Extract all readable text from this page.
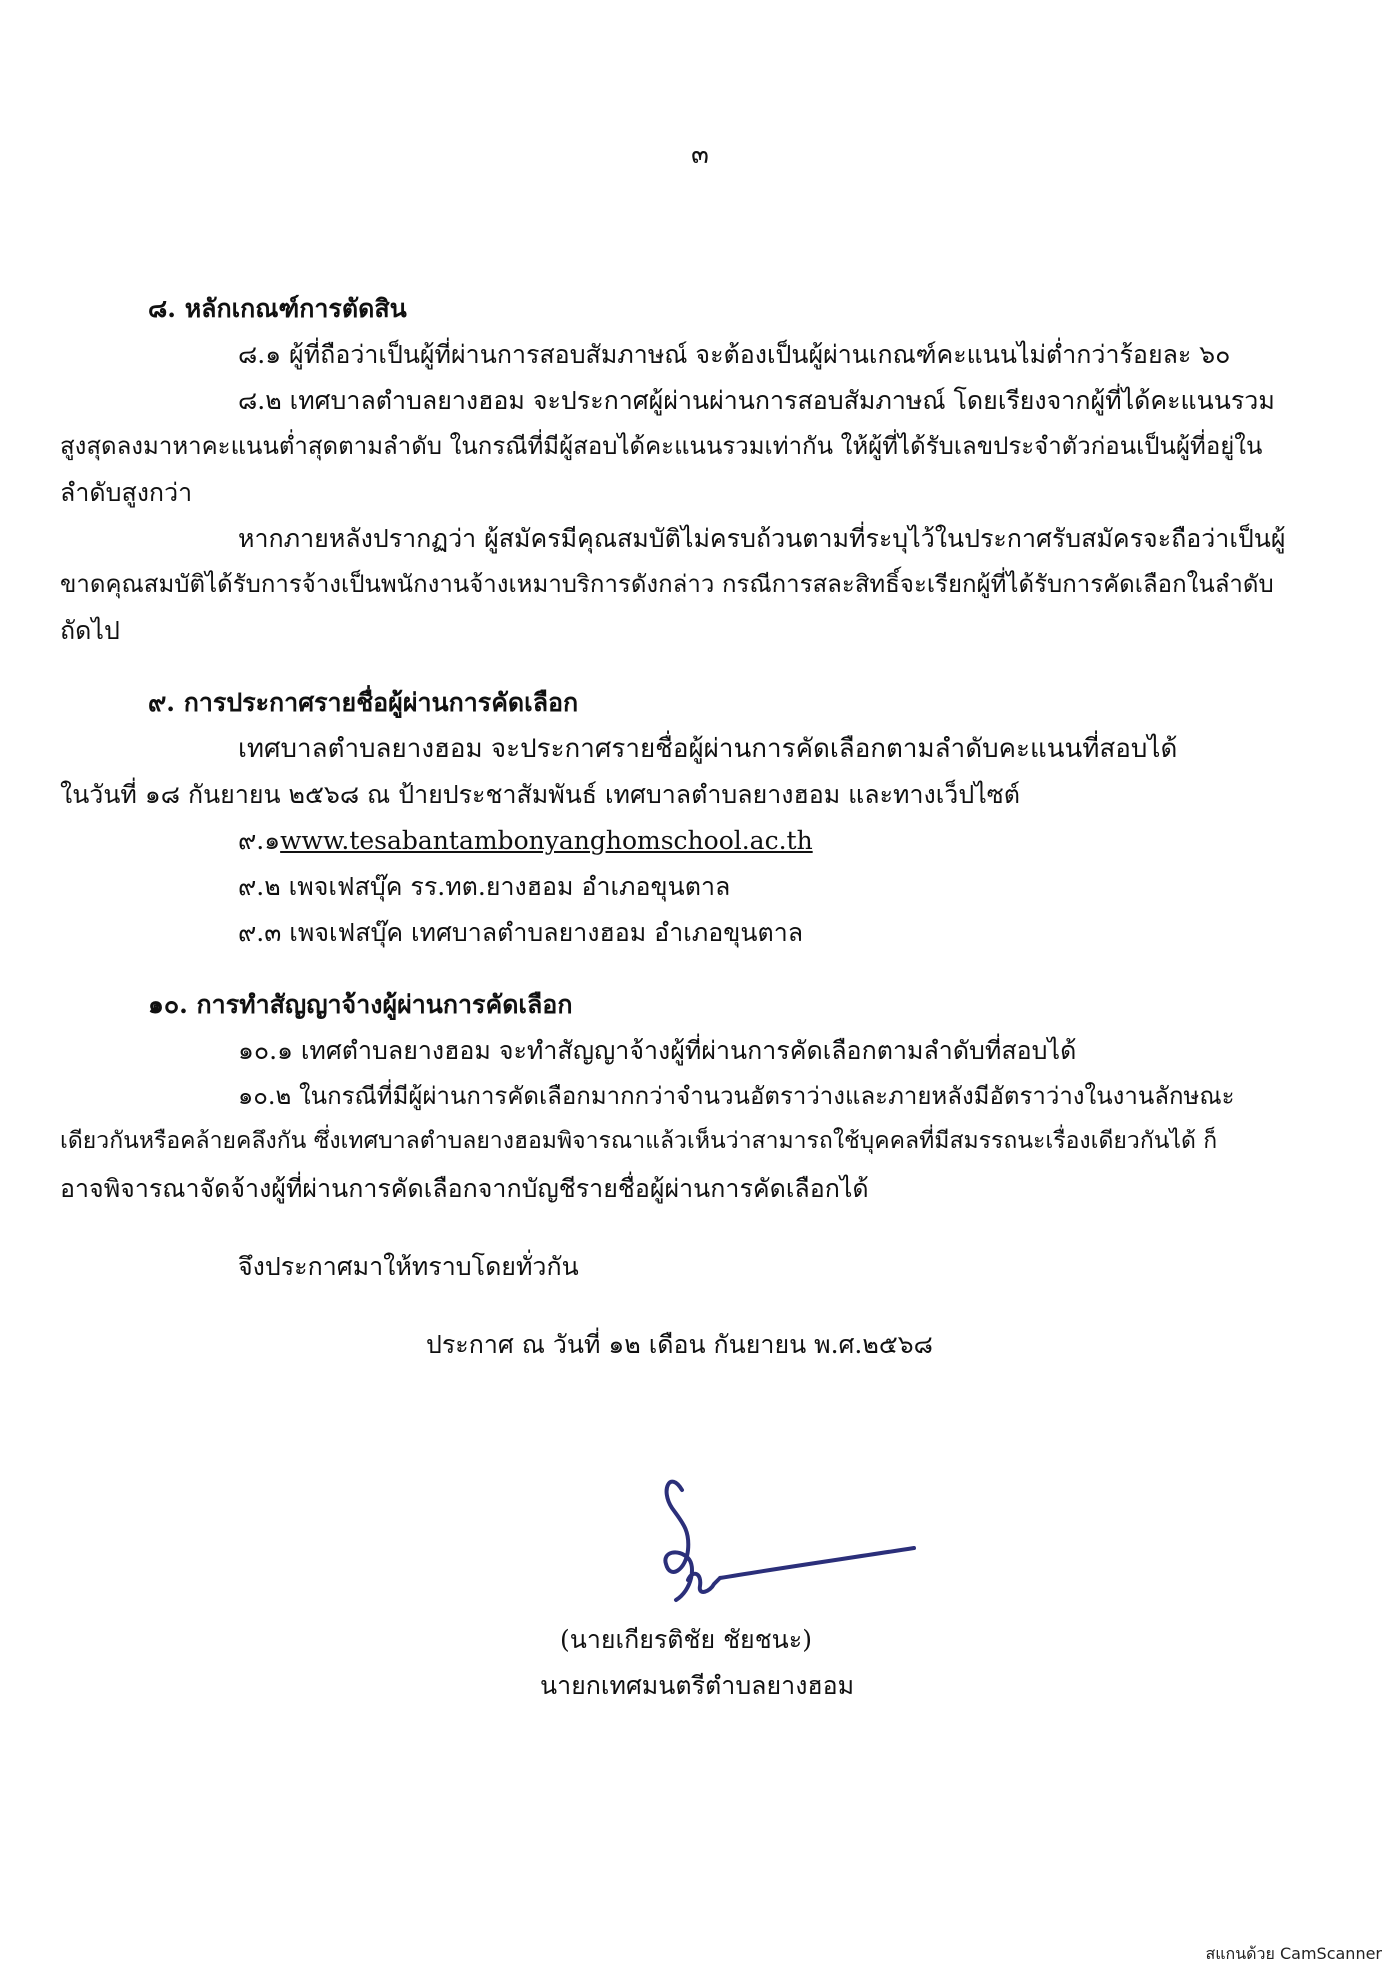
๓
๘. หลักเกณฑ์การตัดสิน
๘.๑ ผู้ที่ถือว่าเป็นผู้ที่ผ่านการสอบสัมภาษณ์ จะต้องเป็นผู้ผ่านเกณฑ์คะแนนไม่ต่ำกว่าร้อยละ ๖๐
๘.๒ เทศบาลตำบลยางฮอม จะประกาศผู้ผ่านผ่านการสอบสัมภาษณ์ โดยเรียงจากผู้ที่ได้คะแนนรวม
สูงสุดลงมาหาคะแนนต่ำสุดตามลำดับ ในกรณีที่มีผู้สอบได้คะแนนรวมเท่ากัน ให้ผู้ที่ได้รับเลขประจำตัวก่อนเป็นผู้ที่อยู่ใน
ลำดับสูงกว่า
หากภายหลังปรากฏว่า ผู้สมัครมีคุณสมบัติไม่ครบถ้วนตามที่ระบุไว้ในประกาศรับสมัครจะถือว่าเป็นผู้
ขาดคุณสมบัติได้รับการจ้างเป็นพนักงานจ้างเหมาบริการดังกล่าว กรณีการสละสิทธิ์จะเรียกผู้ที่ได้รับการคัดเลือกในลำดับ
ถัดไป
๙. การประกาศรายชื่อผู้ผ่านการคัดเลือก
เทศบาลตำบลยางฮอม จะประกาศรายชื่อผู้ผ่านการคัดเลือกตามลำดับคะแนนที่สอบได้
ในวันที่ ๑๘ กันยายน ๒๕๖๘ ณ ป้ายประชาสัมพันธ์ เทศบาลตำบลยางฮอม และทางเว็ปไซต์
๙.๑www.tesabantambonyanghomschool.ac.th
๙.๒ เพจเฟสบุ๊ค รร.ทต.ยางฮอม อำเภอขุนตาล
๙.๓ เพจเฟสบุ๊ค เทศบาลตำบลยางฮอม อำเภอขุนตาล
๑๐. การทำสัญญาจ้างผู้ผ่านการคัดเลือก
๑๐.๑ เทศตำบลยางฮอม จะทำสัญญาจ้างผู้ที่ผ่านการคัดเลือกตามลำดับที่สอบได้
๑๐.๒ ในกรณีที่มีผู้ผ่านการคัดเลือกมากกว่าจำนวนอัตราว่างและภายหลังมีอัตราว่างในงานลักษณะ
เดียวกันหรือคล้ายคลึงกัน ซึ่งเทศบาลตำบลยางฮอมพิจารณาแล้วเห็นว่าสามารถใช้บุคคลที่มีสมรรถนะเรื่องเดียวกันได้ ก็
อาจพิจารณาจัดจ้างผู้ที่ผ่านการคัดเลือกจากบัญชีรายชื่อผู้ผ่านการคัดเลือกได้
จึงประกาศมาให้ทราบโดยทั่วกัน
ประกาศ ณ วันที่ ๑๒ เดือน กันยายน พ.ศ.๒๕๖๘
(นายเกียรติชัย ชัยชนะ)
นายกเทศมนตรีตำบลยางฮอม
สแกนด้วย CamScanner
